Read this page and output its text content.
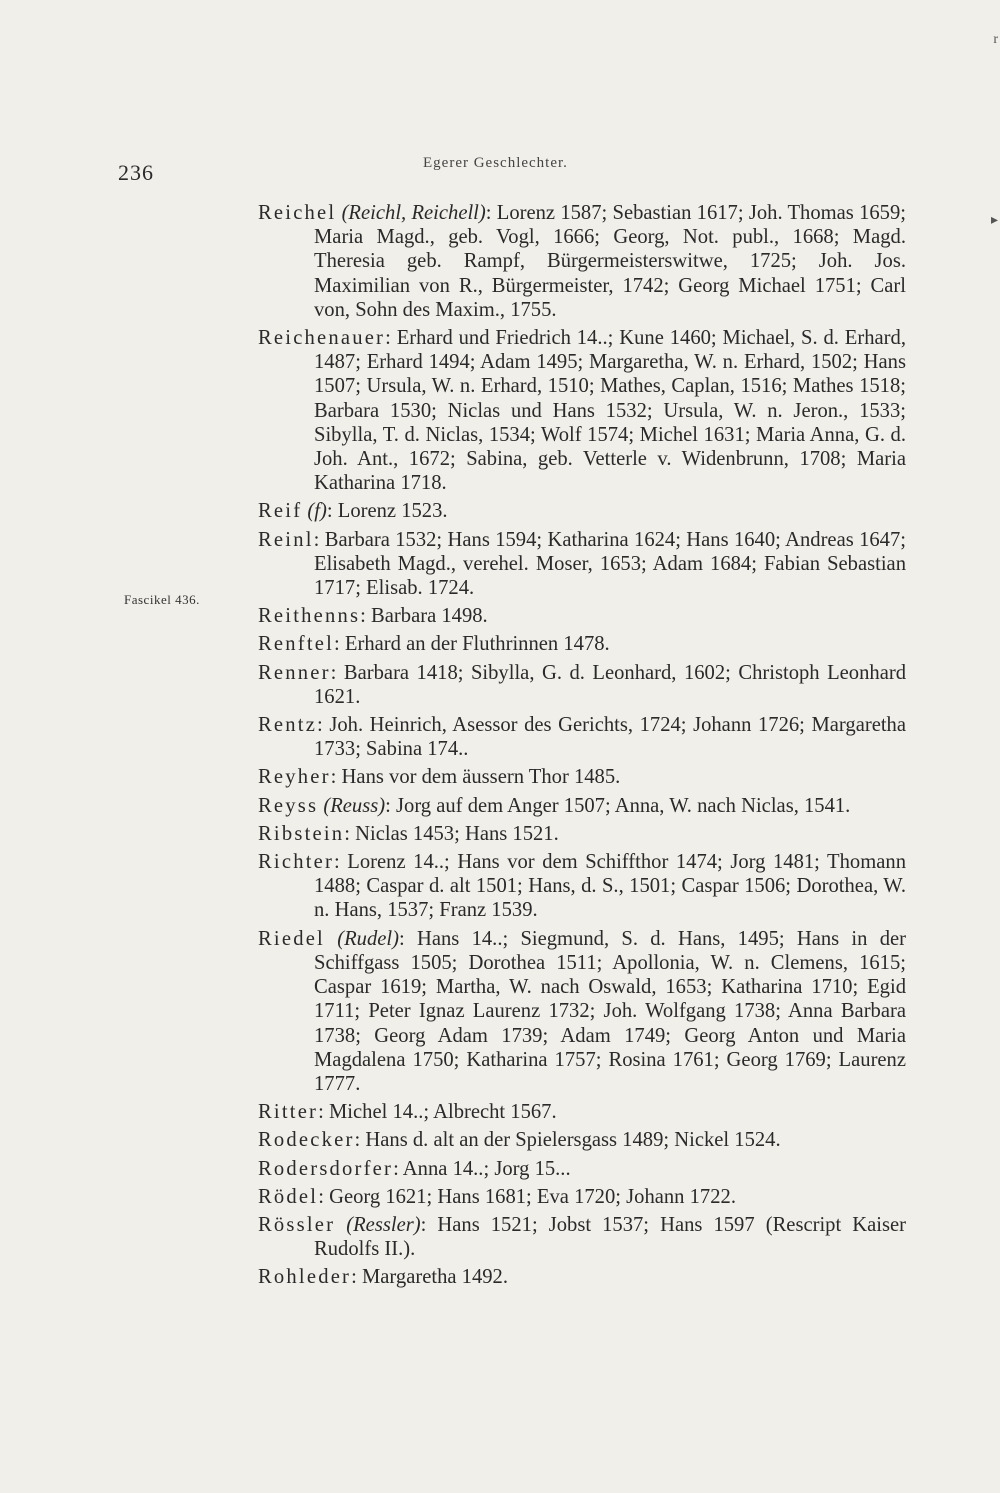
236	Egerer Geschlechter.
Fascikel 436.
r
▸

Reichel (Reichl, Reichell): Lorenz 1587; Sebastian 1617; Joh. Thomas 1659; Maria Magd., geb. Vogl, 1666; Georg, Not. publ., 1668; Magd. Theresia geb. Rampf, Bürgermeisterswitwe, 1725; Joh. Jos. Maximilian von R., Bürgermeister, 1742; Georg Michael 1751; Carl von, Sohn des Maxim., 1755.

Reichenauer: Erhard und Friedrich 14..; Kune 1460; Michael, S. d. Erhard, 1487; Erhard 1494; Adam 1495; Margaretha, W. n. Erhard, 1502; Hans 1507; Ursula, W. n. Erhard, 1510; Mathes, Caplan, 1516; Mathes 1518; Barbara 1530; Niclas und Hans 1532; Ursula, W. n. Jeron., 1533; Sibylla, T. d. Niclas, 1534; Wolf 1574; Michel 1631; Maria Anna, G. d. Joh. Ant., 1672; Sabina, geb. Vetterle v. Widenbrunn, 1708; Maria Katharina 1718.

Reif (f): Lorenz 1523.

Reinl: Barbara 1532; Hans 1594; Katharina 1624; Hans 1640; Andreas 1647; Elisabeth Magd., verehel. Moser, 1653; Adam 1684; Fabian Sebastian 1717; Elisab. 1724.

Reithenns: Barbara 1498.

Renftel: Erhard an der Fluthrinnen 1478.

Renner: Barbara 1418; Sibylla, G. d. Leonhard, 1602; Christoph Leonhard 1621.

Rentz: Joh. Heinrich, Asessor des Gerichts, 1724; Johann 1726; Margaretha 1733; Sabina 174..

Reyher: Hans vor dem äussern Thor 1485.

Reyss (Reuss): Jorg auf dem Anger 1507; Anna, W. nach Niclas, 1541.

Ribstein: Niclas 1453; Hans 1521.

Richter: Lorenz 14..; Hans vor dem Schiffthor 1474; Jorg 1481; Thomann 1488; Caspar d. alt 1501; Hans, d. S., 1501; Caspar 1506; Dorothea, W. n. Hans, 1537; Franz 1539.

Riedel (Rudel): Hans 14..; Siegmund, S. d. Hans, 1495; Hans in der Schiffgass 1505; Dorothea 1511; Apollonia, W. n. Clemens, 1615; Caspar 1619; Martha, W. nach Oswald, 1653; Katharina 1710; Egid 1711; Peter Ignaz Laurenz 1732; Joh. Wolfgang 1738; Anna Barbara 1738; Georg Adam 1739; Adam 1749; Georg Anton und Maria Magdalena 1750; Katharina 1757; Rosina 1761; Georg 1769; Laurenz 1777.

Ritter: Michel 14..; Albrecht 1567.

Rodecker: Hans d. alt an der Spielersgass 1489; Nickel 1524.

Rodersdorfer: Anna 14..; Jorg 15...

Rödel: Georg 1621; Hans 1681; Eva 1720; Johann 1722.

Rössler (Ressler): Hans 1521; Jobst 1537; Hans 1597 (Rescript Kaiser Rudolfs II.).

Rohleder: Margaretha 1492.
